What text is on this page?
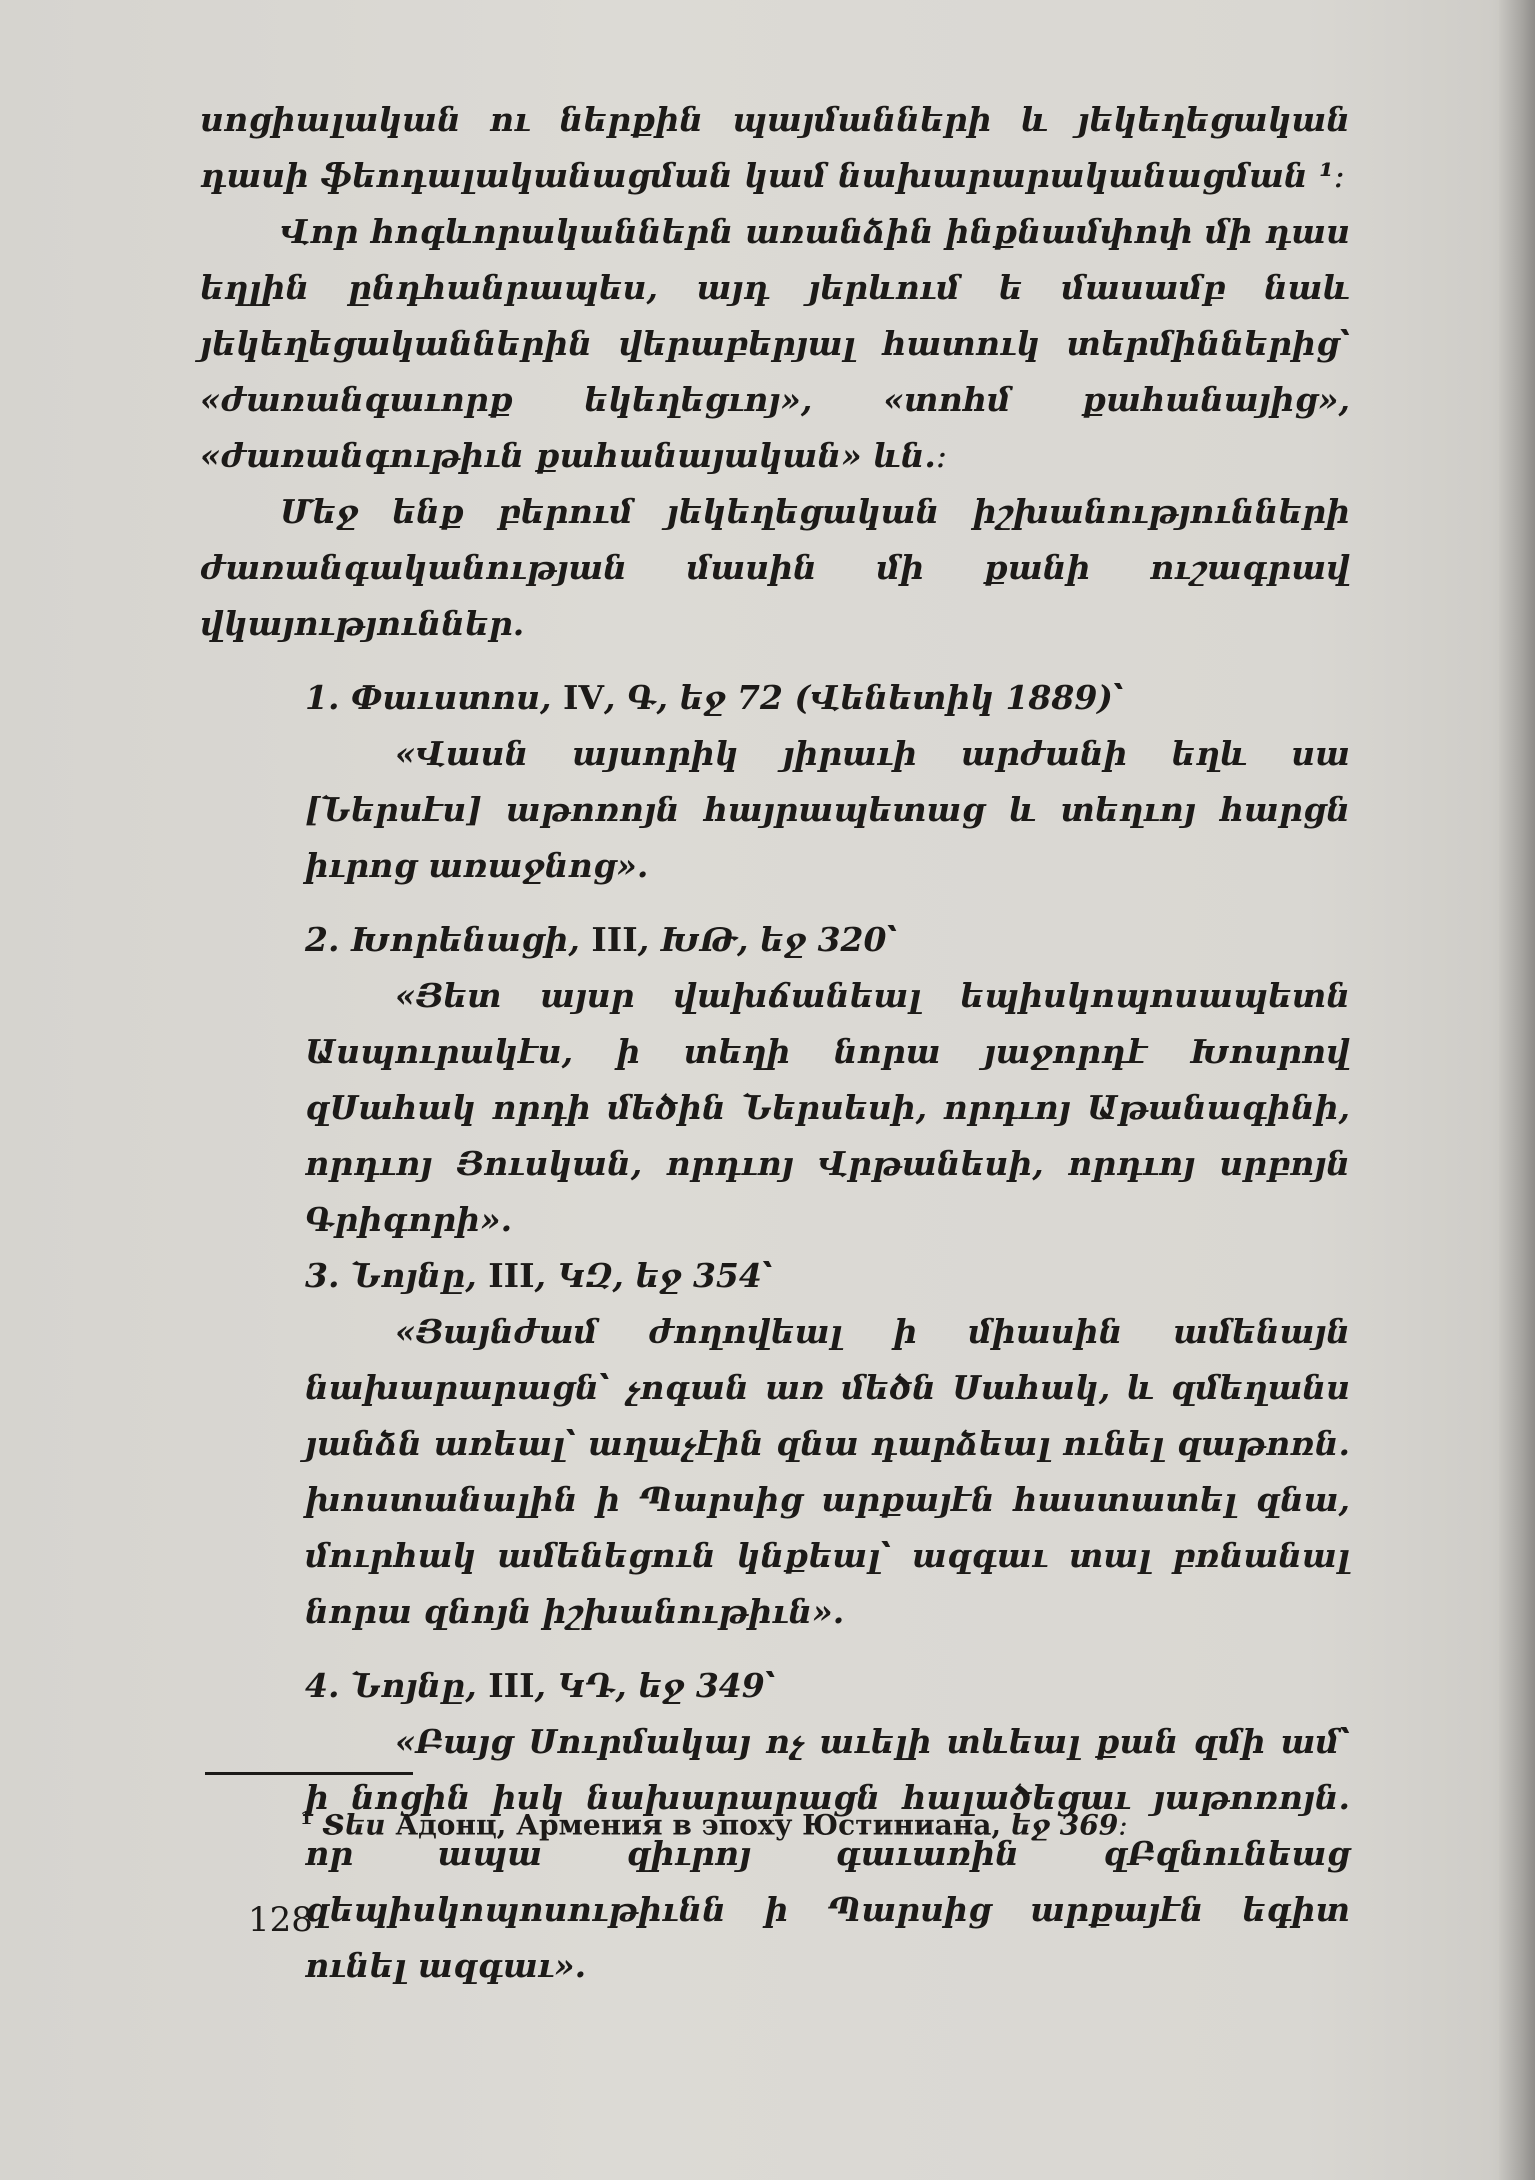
սոցիալական ու ներքին պայմանների և յեկեղեցական դասի ֆեոդալականացման կամ նախարարականացման ¹։

Վոր հոգևորականներն առանձին ինքնամփոփ մի դաս եղլին ընդհանրապես, այդ յերևում ե մասամբ նաև յեկեղեցականներին վերաբերյալ հատուկ տերմիններից՝ «ժառանգաւորք եկեղեցւոյ», «տոհմ քահանայից», «ժառանգութիւն քահանայական» ևն․։

Մեջ ենք բերում յեկեղեցական իշխանությունների ժառանգականության մասին մի քանի ուշագրավ վկայություններ․

1. Փաւստոս, IV, Գ, եջ 72 (Վենետիկ 1889)՝

«Վասն այսորիկ յիրաւի արժանի եղև սա [Ներսէս] աթոռոյն հայրապետաց և տեղւոյ հարցն իւրոց առաջնոց».

2. Խորենացի, III, ԽԹ, եջ 320՝

«Յետ այսր վախճանեալ եպիսկոպոսապետն Ասպուրակէս, ի տեղի նորա յաջորդէ Խոսրով զՍահակ որդի մեծին Ներսեսի, որդւոյ Աթանագինի, որդւոյ Յուսկան, որդւոյ Վրթանեսի, որդւոյ սրբոյն Գրիգորի».

3. Նոյնը, III, ԿԶ, եջ 354՝

«Յայնժամ ժողովեալ ի միասին ամենայն նախարարացն՝ չոգան առ մեծն Սահակ, և զմեղանս յանձն առեալ՝ աղաչէին զնա դարձեալ ունել զաթոռն. խոստանալին ի Պարսից արքայէն հաստատել զնա, մուրհակ ամենեցուն կնքեալ՝ ազգաւ տալ բռնանալ նորա զնոյն իշխանութիւն».

4. Նոյնը, III, ԿԴ, եջ 349՝

«Բայց Սուրմակայ ոչ աւելի տևեալ քան զմի ամ՝ ի նոցին իսկ նախարարացն հալածեցաւ յաթոռոյն. որ ապա զիւրոյ գաւառին զԲզնունեաց զեպիսկոպոսութիւնն ի Պարսից արքայէն եգիտ ունել ազգաւ».

$^1$ Տես Адонц, Армения в эпоху Юстиниана, եջ 369։
128
